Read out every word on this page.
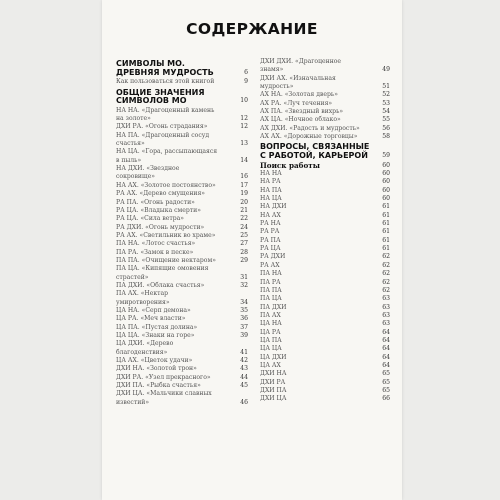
СОДЕРЖАНИЕ
СИМВОЛЫ МО.
ДРЕВНЯЯ МУДРОСТЬ	6
Как пользоваться этой книгой	9
ОБЩИЕ ЗНАЧЕНИЯ
СИМВОЛОВ МО	10
НА НА. «Драгоценный камень
на золоте»	12
ДХИ РА. «Огонь страдания»	12
НА ПА. «Драгоценный сосуд
счастья»	13
НА ЦА. «Гора, рассыпающаяся
в пыль»	14
НА ДХИ. «Звездное
сокровище»	16
НА АХ. «Золотое постоянство»	17
РА АХ. «Дерево смущения»	19
РА ПА. «Огонь радости»	20
РА ЦА. «Владыка смерти»	21
РА ЦА. «Сила ветра»	22
РА ДХИ. «Огонь мудрости»	24
РА АХ. «Светильник во храме»	25
ПА НА. «Лотос счастья»	27
ПА РА. «Замок в песке»	28
ПА ПА. «Очищение нектаром»	29
ПА ЦА. «Кипящие омовения
страстей»	31
ПА ДХИ. «Облака счастья»	32
ПА АХ. «Нектар
умиротворения»	34
ЦА НА. «Серп демона»	35
ЦА РА. «Меч власти»	36
ЦА ПА. «Пустая долина»	37
ЦА ЦА. «Знаки на горе»	39
ЦА ДХИ. «Дерево
благоденствия»	41
ЦА АХ. «Цветок удачи»	42
ДХИ НА. «Золотой трон»	43
ДХИ РА. «Узел прекрасного»	44
ДХИ ПА. «Рыбка счастья»	45
ДХИ ЦА. «Мальчики славных
известий»	46
ДХИ ДХИ. «Драгоценное
знамя»	49
ДХИ АХ. «Изначальная
мудрость»	51
АХ НА. «Золотая дверь»	52
АХ РА. «Луч течения»	53
АХ ПА. «Звездный вихрь»	54
АХ ЦА. «Ночное облако»	55
АХ ДХИ. «Радость и мудрость»	56
АХ АХ. «Дорожные торговцы»	58
ВОПРОСЫ, СВЯЗАННЫЕ
С РАБОТОЙ, КАРЬЕРОЙ	59
Поиск работы	60
НА НА	60
НА РА	60
НА ПА	60
НА ЦА	60
НА ДХИ	61
НА АХ	61
РА НА	61
РА РА	61
РА ПА	61
РА ЦА	61
РА ДХИ	62
РА АХ	62
ПА НА	62
ПА РА	62
ПА ПА	62
ПА ЦА	63
ПА ДХИ	63
ПА АХ	63
ЦА НА	63
ЦА РА	64
ЦА ПА	64
ЦА ЦА	64
ЦА ДХИ	64
ЦА АХ	64
ДХИ НА	65
ДХИ РА	65
ДХИ ПА	65
ДХИ ЦА	66
